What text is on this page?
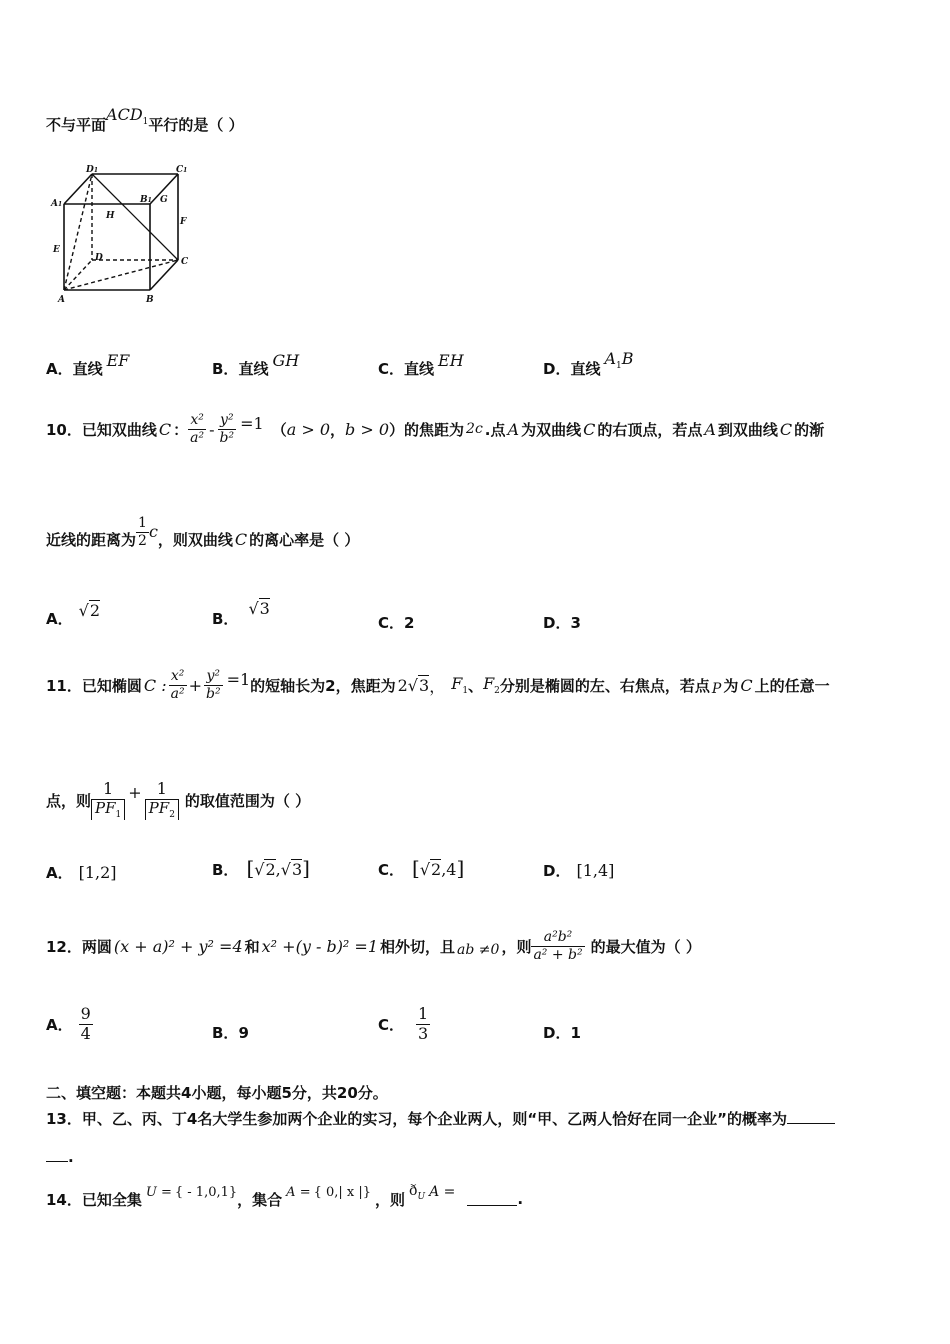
不与平面$ACD_1$平行的是（ ）
D1	C1
A1	B1 G
H
F
E
D	C
A	B
A．直线 EF	B．直线 GH	C．直线 EH	D．直线$A_1B$
10． 已知双曲线 C ： $\frac{\text{x²}}{\text{a²}} - \frac{\text{y²}}{\text{b²}} =1$ （ a > 0 ， b > 0 ）的焦距为 2c .点 A 为双曲线 C 的右顶点，若点 A 到双曲线 C 的渐
近线的距离为 $\frac{1}{2}$ c ，则双曲线 C 的离心率是（ ）
A． √2	B．√3
C．2	D．3
11． 已知椭圆 C : $\frac{\text{x²}}{\text{a²}} + \frac{\text{y²}}{\text{b²}} =1$ 的短轴长为2，焦距为 2√3 ， $F_1$ 、 $F_2$ 分别是椭圆的左、右焦点，若点 P 为 C 上的任意一
点，则 $\frac{1}{PF_1} + \frac{1}{PF_2}$ 的取值范围为（ ）
A． [1,2]	B． [√2,√3]	C． [√2,4]	D． [1,4]
12． 两圆 (x + a)² + y² =4 和 x² +(y - b)² =1 相外切，且 ab ≠0 ，则 $\frac{\text{a²b²}}{\text{a² + b²}}$ 的最大值为（ ）
A． $\frac{9}{4}$	B．9	C． $\frac{1}{3}$	D．1
二、填空题：本题共4小题，每小题5分，共20分。
13．甲、乙、丙、丁4名大学生参加两个企业的实习，每个企业两人，则“甲、乙两人恰好在同一企业”的概率为
.
14． 已知全集 U = { - 1,0,1} ，集合 A = { 0,| x |} ，则 $ð_U$ A =	.
